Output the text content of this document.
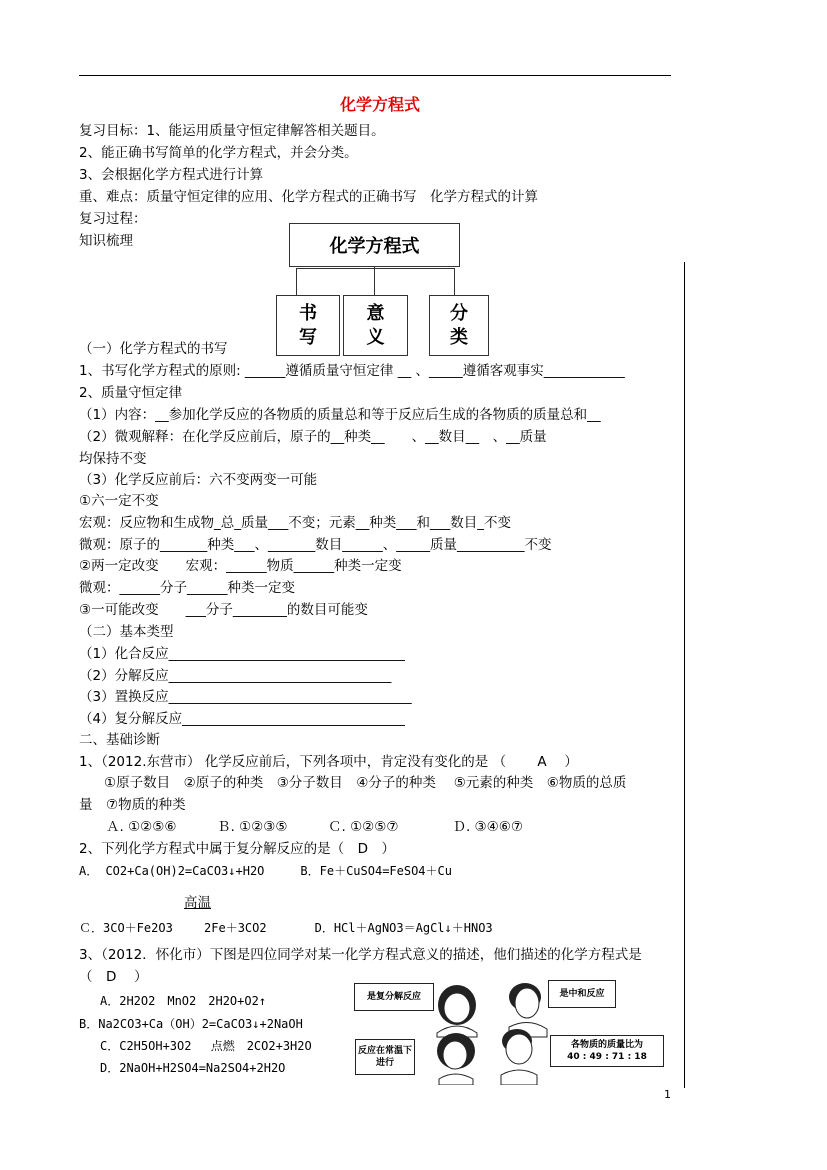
化学方程式
复习目标：1、能运用质量守恒定律解答相关题目。
2、能正确书写简单的化学方程式，并会分类。
3、会根据化学方程式进行计算
重、难点：质量守恒定律的应用、化学方程式的正确书写　化学方程式的计算
复习过程：
知识梳理	化学方程式
书写
意义
分类
（一）化学方程式的书写
1、书写化学方程式的原则: ______遵循质量守恒定律 __ 、_____遵循客观事实____________
2、质量守恒定律
（1）内容：__参加化学反应的各物质的质量总和等于反应后生成的各物质的质量总和__
（2）微观解释：在化学反应前后，原子的__种类__　　、__数目__　、__质量
均保持不变
（3）化学反应前后：六不变两变一可能
①六一定不变
宏观：反应物和生成物_总_质量___不变；元素__种类___和___数目_不变
微观：原子的_______种类___、_______数目______、_____质量__________不变
②两一定改变　　宏观：______物质______种类一定变
微观：______分子______种类一定变
③一可能改变　　___分子________的数目可能变
（二）基本类型
（1）化合反应___________________________________
（2）分解反应_________________________________
（3）置换反应____________________________________
（4）复分解反应_________________________________
二、基础诊断
1、（2012.东营市） 化学反应前后，下列各项中，肯定没有变化的是 （　　 A　 ）
①原子数目　②原子的种类　③分子数目　④分子的种类　 ⑤元素的种类　⑥物质的总质
量　⑦物质的种类
Ａ. ①②⑤⑥　　　Ｂ. ①②③⑤　　　Ｃ. ①②⑤⑦　　　　Ｄ. ③④⑥⑦
2、下列化学方程式中属于复分解反应的是（　D　）
A． CO2+Ca(OH)2=CaCO3↓+H2O　　　B．Fe＋CuSO4=FeSO4＋Cu
高温
Ｃ．3CO＋Fe2O3　　 2Fe＋3CO2　　　　D．HCl＋AgNO3＝AgCl↓＋HNO3
3、（2012．怀化市）下图是四位同学对某一化学方程式意义的描述，他们描述的化学方程式是
（　D　 ）
A．2H2O2　MnO2　2H2O+O2↑
B．Na2CO3+Ca（OH）2=CaCO3↓+2NaOH
C．C2H5OH+3O2　 点燃　2CO2+3H2O
D．2NaOH+H2SO4=Na2SO4+2H2O
是复分解反应	是中和反应
反应在常温下进行
各物质的质量比为
40 : 49 : 71 : 18
1
